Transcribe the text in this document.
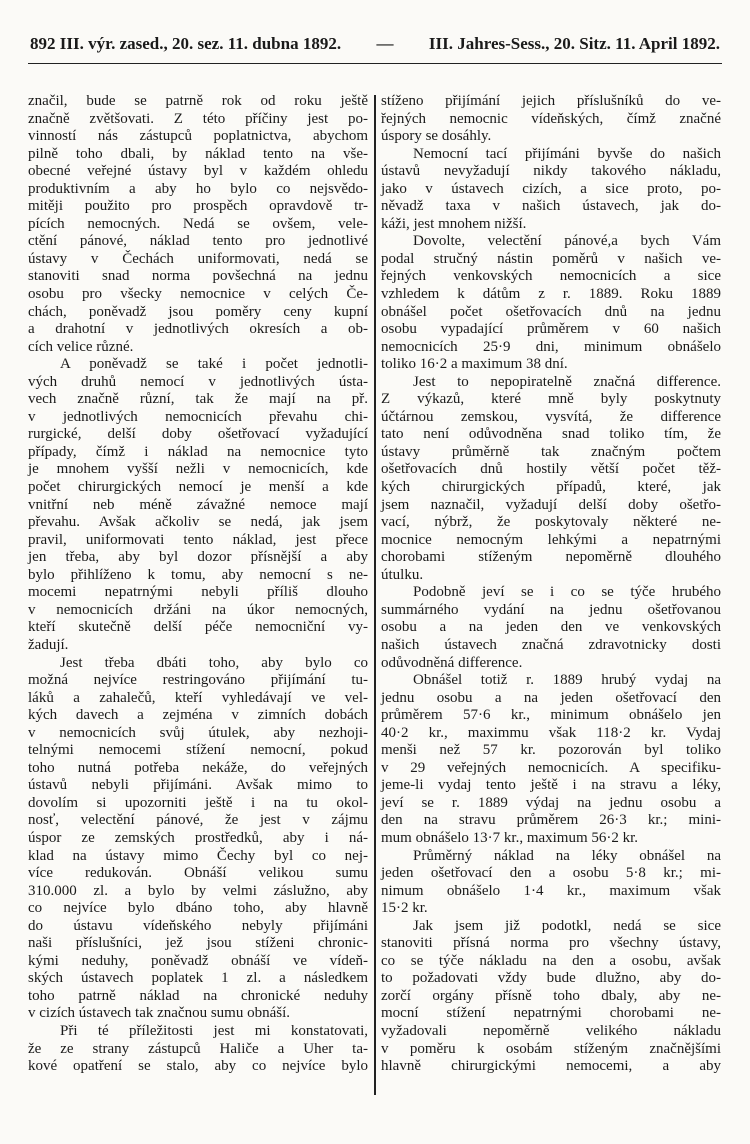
892 III. výr. zased., 20. sez. 11. dubna 1892. — III. Jahres-Sess., 20. Sitz. 11. April 1892.
značil, bude se patrně rok od roku ještě
značně zvětšovati. Z této příčiny jest po-
vinností nás zástupců poplatnictva, abychom
pilně toho dbali, by náklad tento na vše-
obecné veřejné ústavy byl v každém ohledu
produktivním a aby ho bylo co nejsvědo-
mitěji použito pro prospěch opravdově tr-
pících nemocných. Nedá se ovšem, vele-
ctění pánové, náklad tento pro jednotlivé
ústavy v Čechách uniformovati, nedá se
stanoviti snad norma povšechná na jednu
osobu pro všecky nemocnice v celých Če-
chách, poněvadž jsou poměry ceny kupní
a drahotní v jednotlivých okresích a ob-
cích velice různé.
A poněvadž se také i počet jednotli-
vých druhů nemocí v jednotlivých ústa-
vech značně různí, tak že mají na př.
v jednotlivých nemocnicích převahu chi-
rurgické, delší doby ošetřovací vyžadující
případy, čímž i náklad na nemocnice tyto
je mnohem vyšší nežli v nemocnicích, kde
počet chirurgických nemocí je menší a kde
vnitřní neb méně závažné nemoce mají
převahu. Avšak ačkoliv se nedá, jak jsem
pravil, uniformovati tento náklad, jest přece
jen třeba, aby byl dozor přísnější a aby
bylo přihlíženo k tomu, aby nemocní s ne-
mocemi nepatrnými nebyli příliš dlouho
v nemocnicích držáni na úkor nemocných,
kteří skutečně delší péče nemocniční vy-
žadují.
Jest třeba dbáti toho, aby bylo co
možná nejvíce restringováno přijímání tu-
láků a zahalečů, kteří vyhledávají ve vel-
kých davech a zejména v zimních dobách
v nemocnicích svůj útulek, aby nezhoji-
telnými nemocemi stížení nemocní, pokud
toho nutná potřeba nekáže, do veřejných
ústavů nebyli přijímáni. Avšak mimo to
dovolím si upozorniti ještě i na tu okol-
nosť, velectění pánové, že jest v zájmu
úspor ze zemských prostředků, aby i ná-
klad na ústavy mimo Čechy byl co nej-
více redukován. Obnáší velikou sumu
310.000 zl. a bylo by velmi záslužno, aby
co nejvíce bylo dbáno toho, aby hlavně
do ústavu vídeňského nebyly přijímáni
naši příslušníci, jež jsou stíženi chronic-
kými neduhy, poněvadž obnáší ve vídeň-
ských ústavech poplatek 1 zl. a následkem
toho patrně náklad na chronické neduhy
v cizích ústavech tak značnou sumu obnáší.
Při té příležitosti jest mi konstatovati,
že ze strany zástupců Haliče a Uher ta-
kové opatření se stalo, aby co nejvíce bylo
stíženo přijímání jejich příslušníků do ve-
řejných nemocnic vídeňských, čímž značné
úspory se dosáhly.
Nemocní tací přijímáni byvše do našich
ústavů nevyžadují nikdy takového nákladu,
jako v ústavech cizích, a sice proto, po-
něvadž taxa v našich ústavech, jak do-
káži, jest mnohem nižší.
Dovolte, velectění pánové,a bych Vám
podal stručný nástin poměrů v našich ve-
řejných venkovských nemocnicích a sice
vzhledem k dátům z r. 1889. Roku 1889
obnášel počet ošetřovacích dnů na jednu
osobu vypadající průměrem v 60 našich
nemocnicích 25·9 dni, minimum obnášelo
toliko 16·2 a maximum 38 dní.
Jest to nepopiratelně značná difference.
Z výkazů, které mně byly poskytnuty
účtárnou zemskou, vysvítá, že difference
tato není odůvodněna snad toliko tím, že
ústavy průměrně tak značným počtem
ošetřovacích dnů hostily větší počet těž-
kých chirurgických případů, které, jak
jsem naznačil, vyžadují delší doby ošetřo-
vací, nýbrž, že poskytovaly některé ne-
mocnice nemocným lehkými a nepatrnými
chorobami stíženým nepoměrně dlouhého
útulku.
Podobně jeví se i co se týče hrubého
summárného vydání na jednu ošetřovanou
osobu a na jeden den ve venkovských
našich ústavech značná zdravotnicky dosti
odůvodněná difference.
Obnášel totiž r. 1889 hrubý vydaj na
jednu osobu a na jeden ošetřovací den
průměrem 57·6 kr., minimum obnášelo jen
40·2 kr., maximmu však 118·2 kr. Vydaj
menši než 57 kr. pozorován byl toliko
v 29 veřejných nemocnicích. A specifiku-
jeme-li vydaj tento ještě i na stravu a léky,
jeví se r. 1889 výdaj na jednu osobu a
den na stravu průměrem 26·3 kr.; mini-
mum obnášelo 13·7 kr., maximum 56·2 kr.
Průměrný náklad na léky obnášel na
jeden ošetřovací den a osobu 5·8 kr.; mi-
nimum obnášelo 1·4 kr., maximum však
15·2 kr.
Jak jsem již podotkl, nedá se sice
stanoviti přísná norma pro všechny ústavy,
co se týče nákladu na den a osobu, avšak
to požadovati vždy bude dlužno, aby do-
zorčí orgány přísně toho dbaly, aby ne-
mocní stížení nepatrnými chorobami ne-
vyžadovali nepoměrně velikého nákladu
v poměru k osobám stíženým značnějšími
hlavně chirurgickými nemocemi, a aby
